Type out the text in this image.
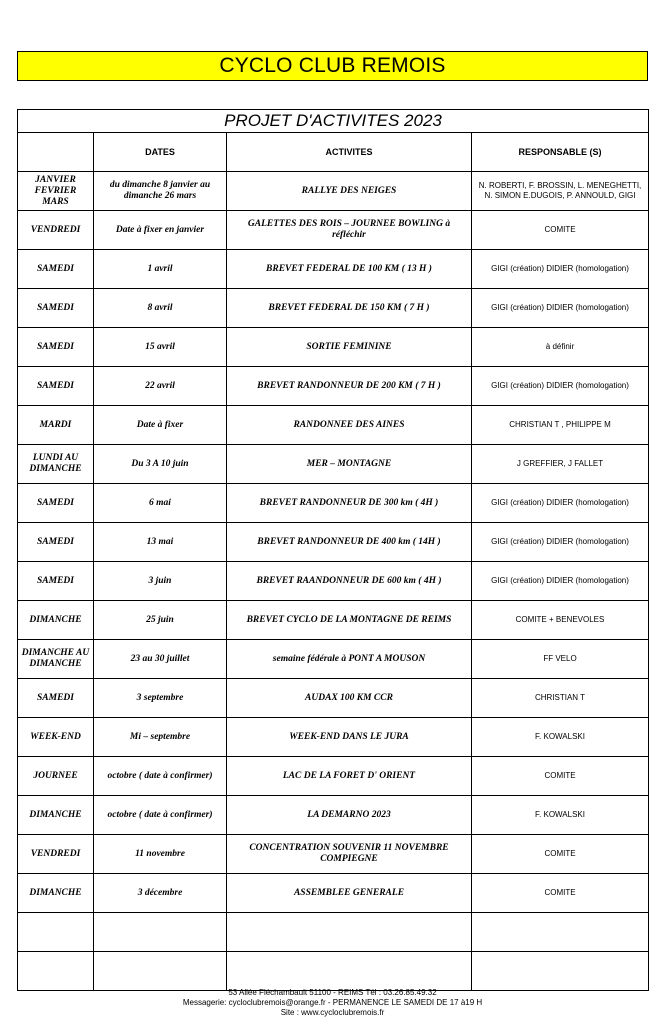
CYCLO CLUB REMOIS
PROJET D'ACTIVITES 2023			
	DATES	ACTIVITES	RESPONSABLE (S)
JANVIER FEVRIER MARS	du dimanche 8 janvier au dimanche 26 mars	RALLYE DES NEIGES	N. ROBERTI, F. BROSSIN, L. MENEGHETTI, N. SIMON E.DUGOIS, P. ANNOULD, GIGI
VENDREDI	Date à fixer en janvier	GALETTES DES ROIS – JOURNEE BOWLING à réfléchir	COMITE
SAMEDI	1 avril	BREVET FEDERAL DE 100 KM ( 13 H )	GIGI (création) DIDIER (homologation)
SAMEDI	8 avril	BREVET FEDERAL DE 150 KM ( 7 H )	GIGI (création) DIDIER (homologation)
SAMEDI	15 avril	SORTIE FEMININE	à définir
SAMEDI	22 avril	BREVET RANDONNEUR DE 200 KM ( 7 H )	GIGI (création) DIDIER (homologation)
MARDI	Date à fixer	RANDONNEE DES AINES	CHRISTIAN T , PHILIPPE M
LUNDI AU DIMANCHE	Du 3 A 10 juin	MER – MONTAGNE	J GREFFIER, J FALLET
SAMEDI	6 mai	BREVET RANDONNEUR DE 300 km ( 4H )	GIGI (création) DIDIER (homologation)
SAMEDI	13 mai	BREVET RANDONNEUR DE 400 km ( 14H )	GIGI (création) DIDIER (homologation)
SAMEDI	3 juin	BREVET RAANDONNEUR DE 600 km ( 4H )	GIGI (création) DIDIER (homologation)
DIMANCHE	25 juin	BREVET CYCLO DE LA MONTAGNE DE REIMS	COMITE + BENEVOLES
DIMANCHE AU DIMANCHE	23 au 30 juillet	semaine fédérale à PONT A MOUSON	FF VELO
SAMEDI	3 septembre	AUDAX 100 KM CCR	CHRISTIAN T
WEEK-END	Mi – septembre	WEEK-END DANS LE JURA	F. KOWALSKI
JOURNEE	octobre ( date à confirmer)	LAC DE LA FORET D' ORIENT	COMITE
DIMANCHE	octobre ( date à confirmer)	LA DEMARNO 2023	F. KOWALSKI
VENDREDI	11 novembre	CONCENTRATION SOUVENIR 11 NOVEMBRE COMPIEGNE	COMITE
DIMANCHE	3 décembre	ASSEMBLEE GENERALE	COMITE

53 Allée Fléchambault 51100 - REIMS Tél : 03.26.85.49.32
Messagerie: cycloclubremois@orange.fr - PERMANENCE LE SAMEDI DE 17 à19 H
Site : www.cycloclubremois.fr
